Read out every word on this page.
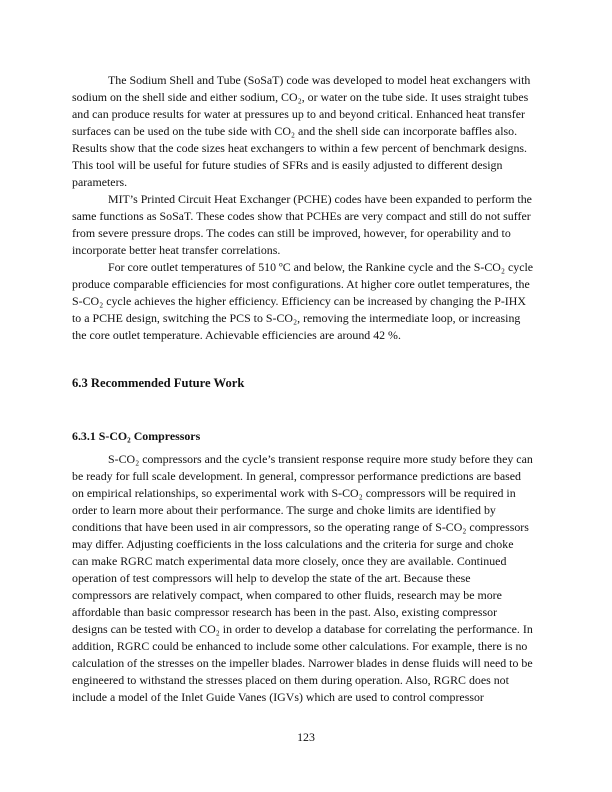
The Sodium Shell and Tube (SoSaT) code was developed to model heat exchangers with
sodium on the shell side and either sodium, CO₂, or water on the tube side. It uses straight tubes
and can produce results for water at pressures up to and beyond critical. Enhanced heat transfer
surfaces can be used on the tube side with CO₂ and the shell side can incorporate baffles also.
Results show that the code sizes heat exchangers to within a few percent of benchmark designs.
This tool will be useful for future studies of SFRs and is easily adjusted to different design
parameters.
MIT’s Printed Circuit Heat Exchanger (PCHE) codes have been expanded to perform the
same functions as SoSaT. These codes show that PCHEs are very compact and still do not suffer
from severe pressure drops. The codes can still be improved, however, for operability and to
incorporate better heat transfer correlations.
For core outlet temperatures of 510 ºC and below, the Rankine cycle and the S-CO₂ cycle
produce comparable efficiencies for most configurations. At higher core outlet temperatures, the
S-CO₂ cycle achieves the higher efficiency. Efficiency can be increased by changing the P-IHX
to a PCHE design, switching the PCS to S-CO₂, removing the intermediate loop, or increasing
the core outlet temperature. Achievable efficiencies are around 42 %.
6.3 Recommended Future Work
6.3.1 S-CO₂ Compressors
S-CO₂ compressors and the cycle’s transient response require more study before they can
be ready for full scale development. In general, compressor performance predictions are based
on empirical relationships, so experimental work with S-CO₂ compressors will be required in
order to learn more about their performance. The surge and choke limits are identified by
conditions that have been used in air compressors, so the operating range of S-CO₂ compressors
may differ. Adjusting coefficients in the loss calculations and the criteria for surge and choke
can make RGRC match experimental data more closely, once they are available. Continued
operation of test compressors will help to develop the state of the art. Because these
compressors are relatively compact, when compared to other fluids, research may be more
affordable than basic compressor research has been in the past. Also, existing compressor
designs can be tested with CO₂ in order to develop a database for correlating the performance. In
addition, RGRC could be enhanced to include some other calculations. For example, there is no
calculation of the stresses on the impeller blades. Narrower blades in dense fluids will need to be
engineered to withstand the stresses placed on them during operation. Also, RGRC does not
include a model of the Inlet Guide Vanes (IGVs) which are used to control compressor
123
